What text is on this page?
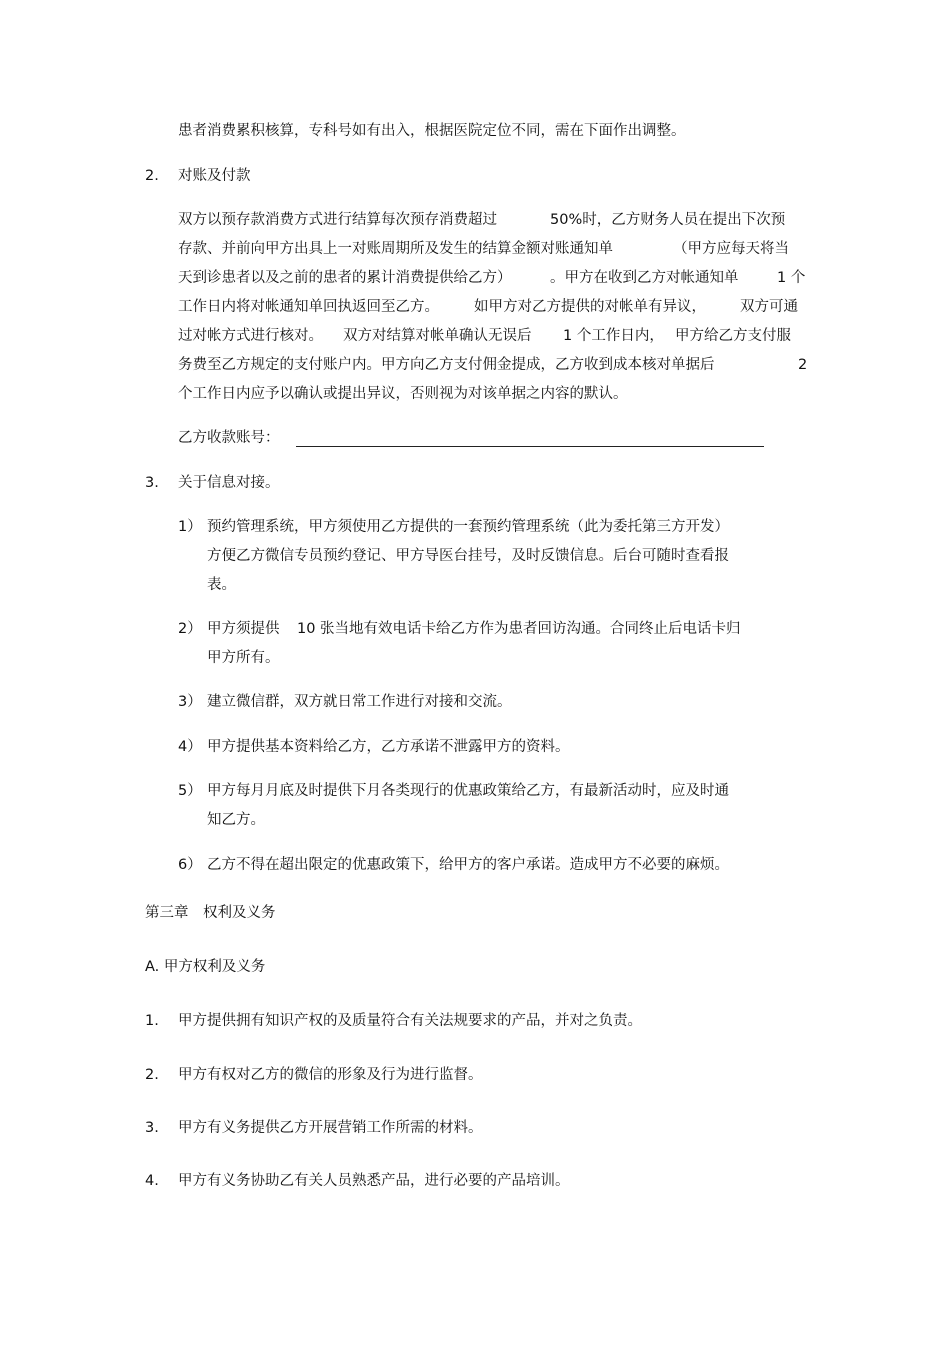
患者消费累积核算，专科号如有出入，根据医院定位不同，需在下面作出调整。
2. 对账及付款
双方以预存款消费方式进行结算每次预存消费超过	50%时，乙方财务人员在提出下次预
存款、并前向甲方出具上一对账周期所及发生的结算金额对账通知单	（甲方应每天将当
天到诊患者以及之前的患者的累计消费提供给乙方）	。甲方在收到乙方对帐通知单	1 个
工作日内将对帐通知单回执返回至乙方。 如甲方对乙方提供的对帐单有异议， 双方可通
过对帐方式进行核对。 双方对结算对帐单确认无误后 1 个工作日内， 甲方给乙方支付服
务费至乙方规定的支付账户内。甲方向乙方支付佣金提成，乙方收到成本核对单据后	2
个工作日内应予以确认或提出异议，否则视为对该单据之内容的默认。
乙方收款账号：
3. 关于信息对接。
1） 预约管理系统，甲方须使用乙方提供的一套预约管理系统（此为委托第三方开发）
方便乙方微信专员预约登记、甲方导医台挂号，及时反馈信息。后台可随时查看报
表。
2） 甲方须提供 10 张当地有效电话卡给乙方作为患者回访沟通。合同终止后电话卡归
甲方所有。
3） 建立微信群，双方就日常工作进行对接和交流。
4） 甲方提供基本资料给乙方，乙方承诺不泄露甲方的资料。
5） 甲方每月月底及时提供下月各类现行的优惠政策给乙方，有最新活动时，应及时通
知乙方。
6） 乙方不得在超出限定的优惠政策下，给甲方的客户承诺。造成甲方不必要的麻烦。
第三章　权利及义务
A. 甲方权利及义务
1. 甲方提供拥有知识产权的及质量符合有关法规要求的产品，并对之负责。
2. 甲方有权对乙方的微信的形象及行为进行监督。
3. 甲方有义务提供乙方开展营销工作所需的材料。
4. 甲方有义务协助乙有关人员熟悉产品，进行必要的产品培训。
